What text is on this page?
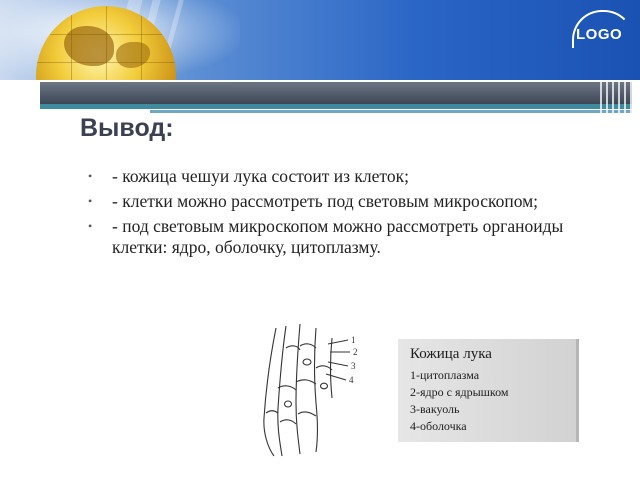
LOGO
Вывод:
• - кожица чешуи лука состоит из клеток;
• - клетки можно рассмотреть под световым микроскопом;
• - под световым микроскопом можно рассмотреть органоиды клетки: ядро, оболочку, цитоплазму.
1
2
3
4
Кожица лука
1-цитоплазма
2-ядро с ядрышком
3-вакуоль
4-оболочка
